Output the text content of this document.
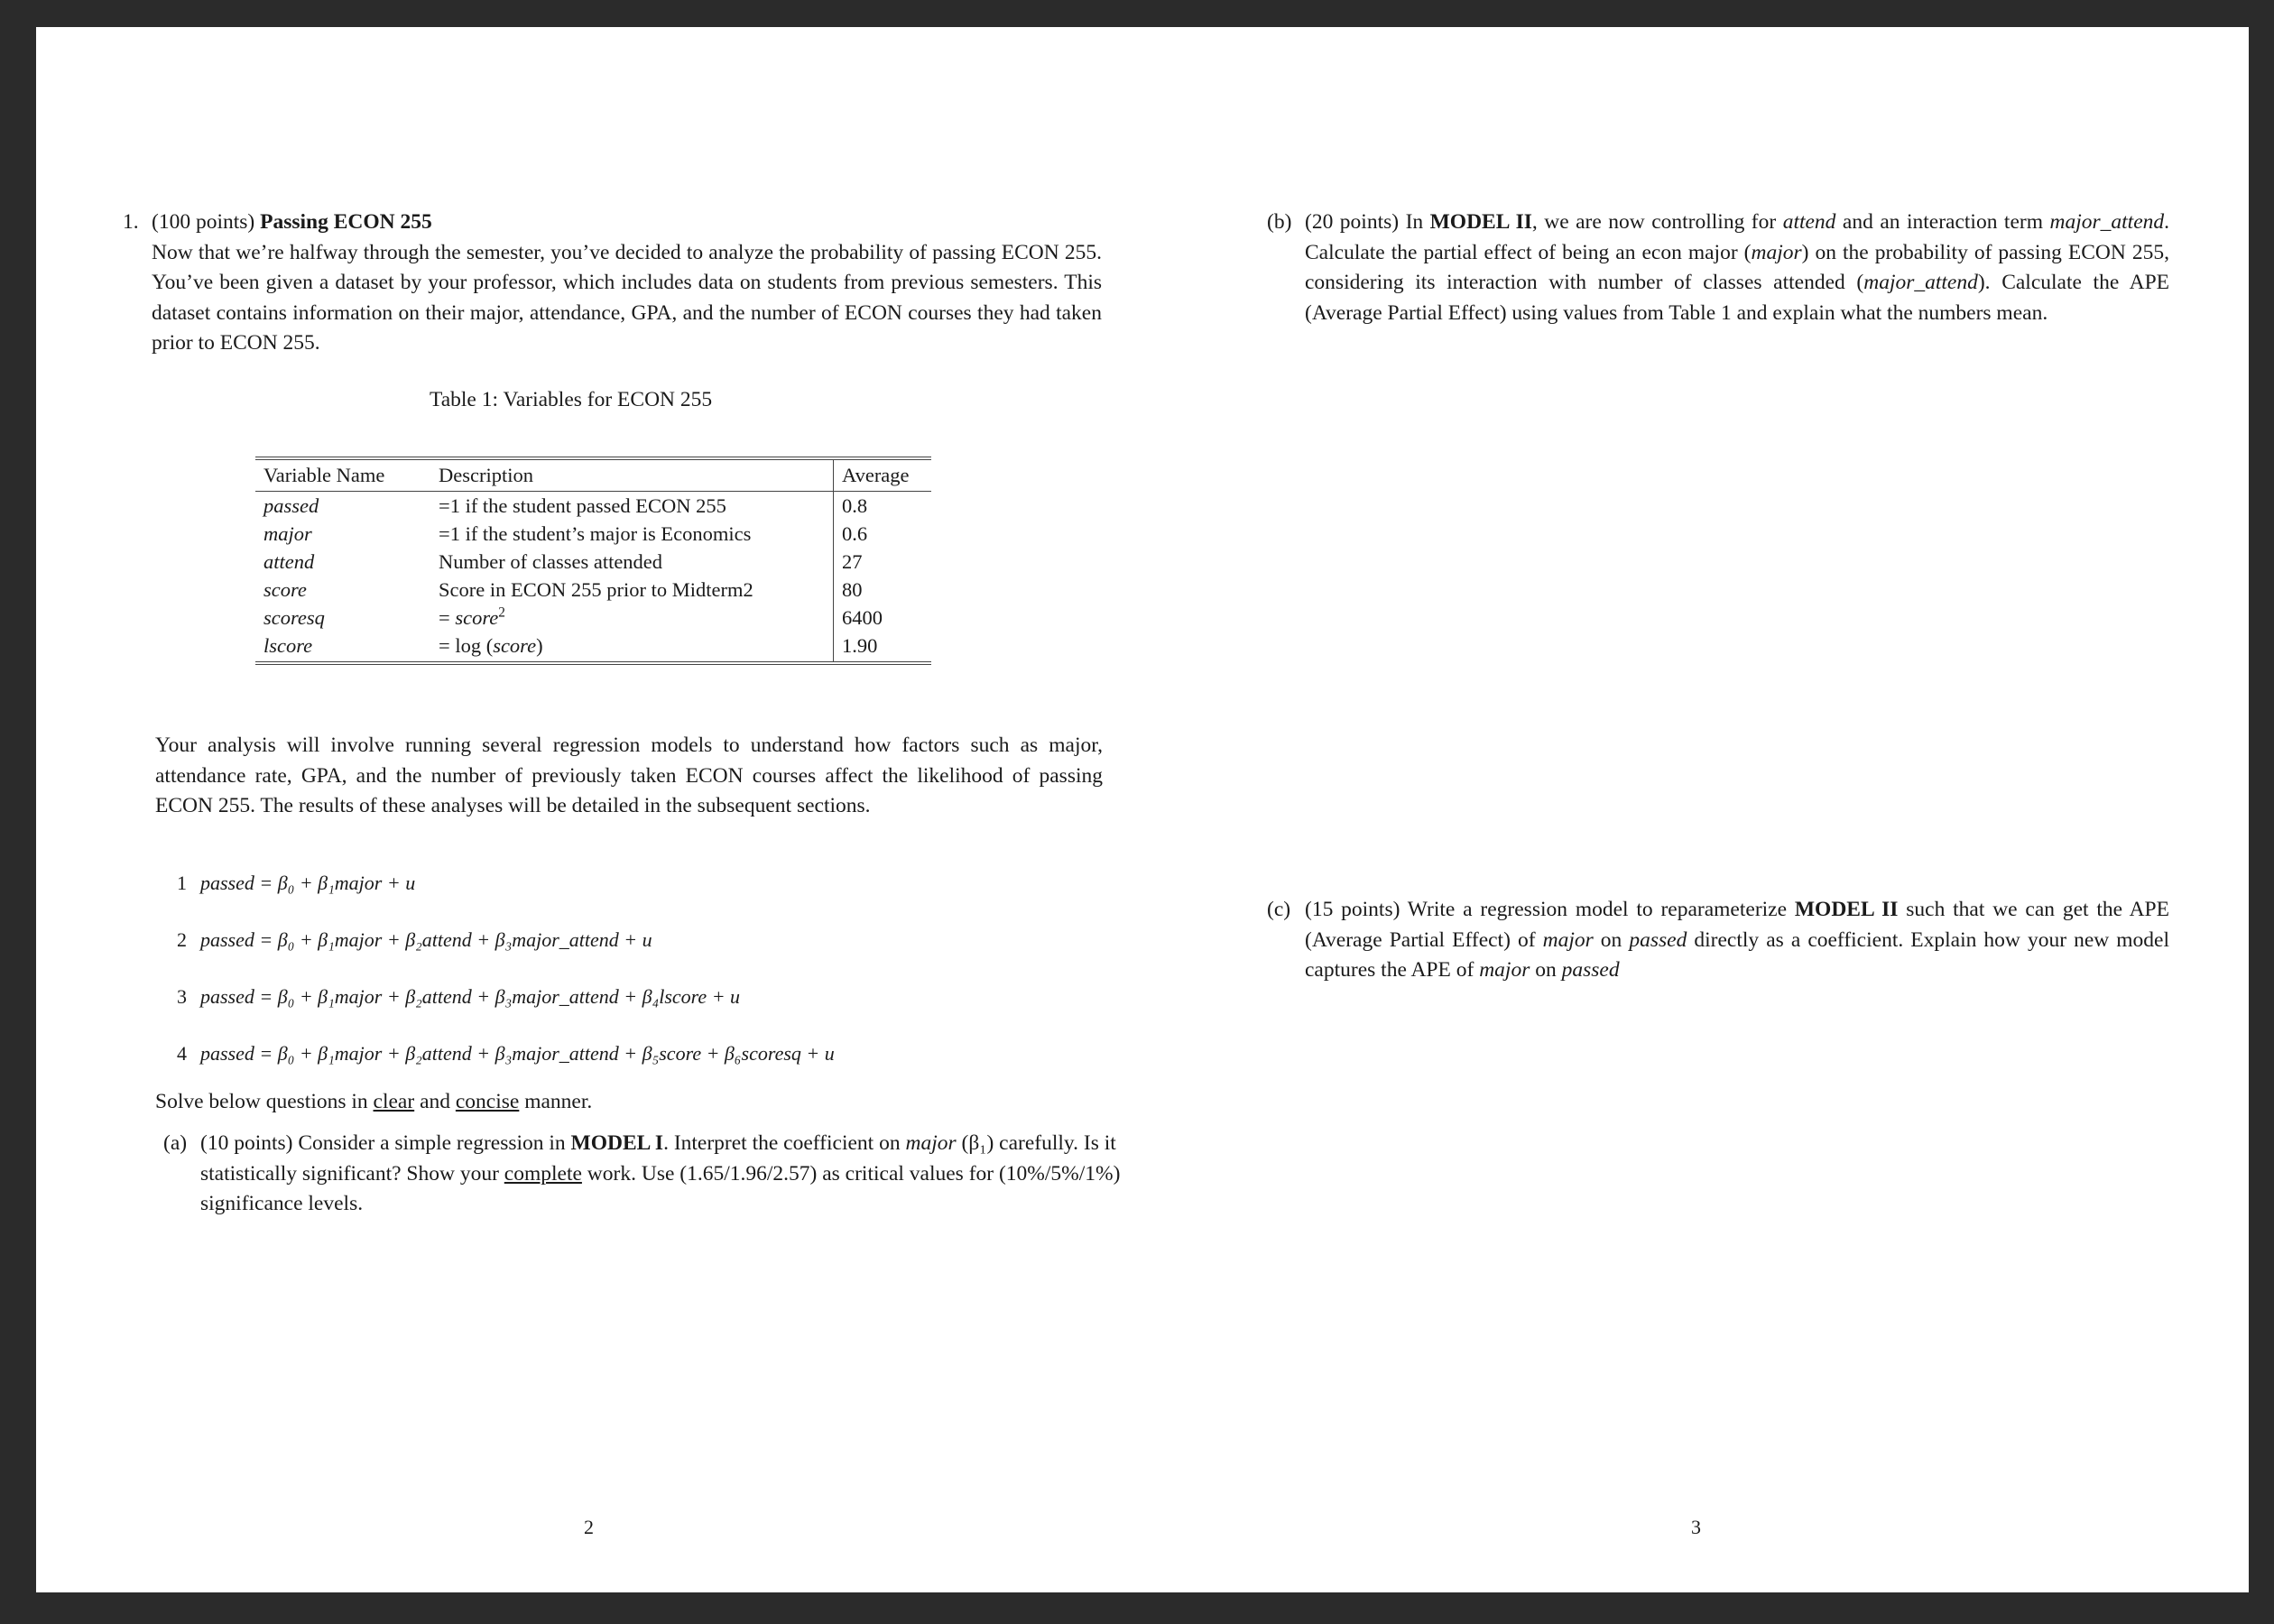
1. (100 points) Passing ECON 255
Now that we’re halfway through the semester, you’ve decided to analyze the probability of passing ECON 255. You’ve been given a dataset by your professor, which includes data on students from previous semesters. This dataset contains information on their major, attendance, GPA, and the number of ECON courses they had taken prior to ECON 255.

Table 1: Variables for ECON 255
Variable Name	Description	Average
passed	=1 if the student passed ECON 255	0.8
major	=1 if the student’s major is Economics	0.6
attend	Number of classes attended	27
score	Score in ECON 255 prior to Midterm2	80
scoresq	= score$^2$	6400
lscore	= log (score)	1.90

Your analysis will involve running several regression models to understand how factors such as major, attendance rate, GPA, and the number of previously taken ECON courses affect the likelihood of passing ECON 255. The results of these analyses will be detailed in the subsequent sections.

1 passed = β₀ + β₁major + u
2 passed = β₀ + β₁major + β₂attend + β₃major_attend + u
3 passed = β₀ + β₁major + β₂attend + β₃major_attend + β₄lscore + u
4 passed = β₀ + β₁major + β₂attend + β₃major_attend + β₅score + β₆scoresq + u
Solve below questions in clear and concise manner.
(a) (10 points) Consider a simple regression in MODEL I. Interpret the coefficient on major (β₁) carefully. Is it statistically significant? Show your complete work. Use (1.65/1.96/2.57) as critical values for (10%/5%/1%) significance levels.

2
(b) (20 points) In MODEL II, we are now controlling for attend and an interaction term major_attend. Calculate the partial effect of being an econ major (major) on the probability of passing ECON 255, considering its interaction with number of classes attended (major_attend). Calculate the APE (Average Partial Effect) using values from Table 1 and explain what the numbers mean.

(c) (15 points) Write a regression model to reparameterize MODEL II such that we can get the APE (Average Partial Effect) of major on passed directly as a coefficient. Explain how your new model captures the APE of major on passed

3
